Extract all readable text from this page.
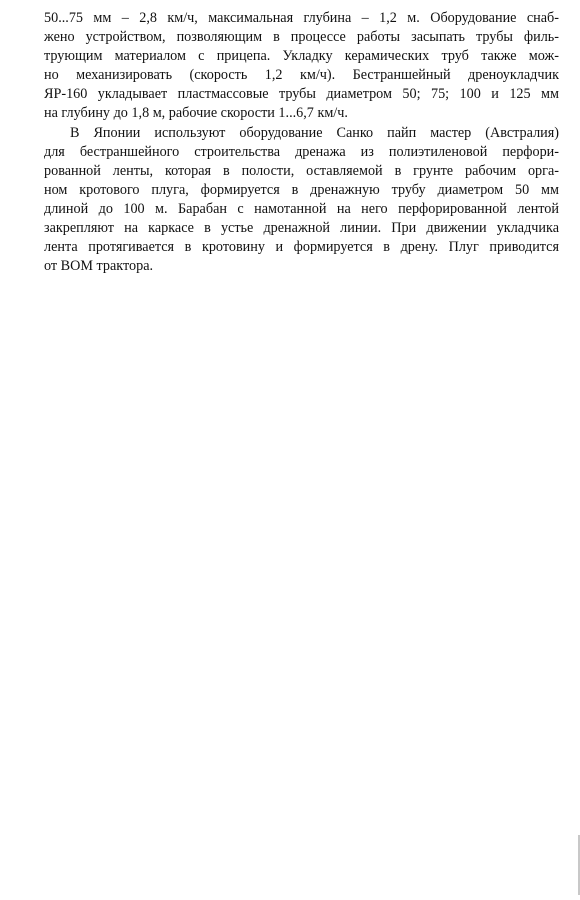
50...75 мм – 2,8 км/ч, максимальная глубина – 1,2 м. Оборудование снаб-
жено устройством, позволяющим в процессе работы засыпать трубы филь-
трующим материалом с прицепа. Укладку керамических труб также мож-
но механизировать (скорость 1,2 км/ч). Бестраншейный дреноукладчик
ЯР-160 укладывает пластмассовые трубы диаметром 50; 75; 100 и 125 мм
на глубину до 1,8 м, рабочие скорости 1...6,7 км/ч.
В Японии используют оборудование Санко пайп мастер (Австралия)
для бестраншейного строительства дренажа из полиэтиленовой перфори-
рованной ленты, которая в полости, оставляемой в грунте рабочим орга-
ном кротового плуга, формируется в дренажную трубу диаметром 50 мм
длиной до 100 м. Барабан с намотанной на него перфорированной лентой
закрепляют на каркасе в устье дренажной линии. При движении укладчика
лента протягивается в кротовину и формируется в дрену. Плуг приводится
от ВОМ трактора.
